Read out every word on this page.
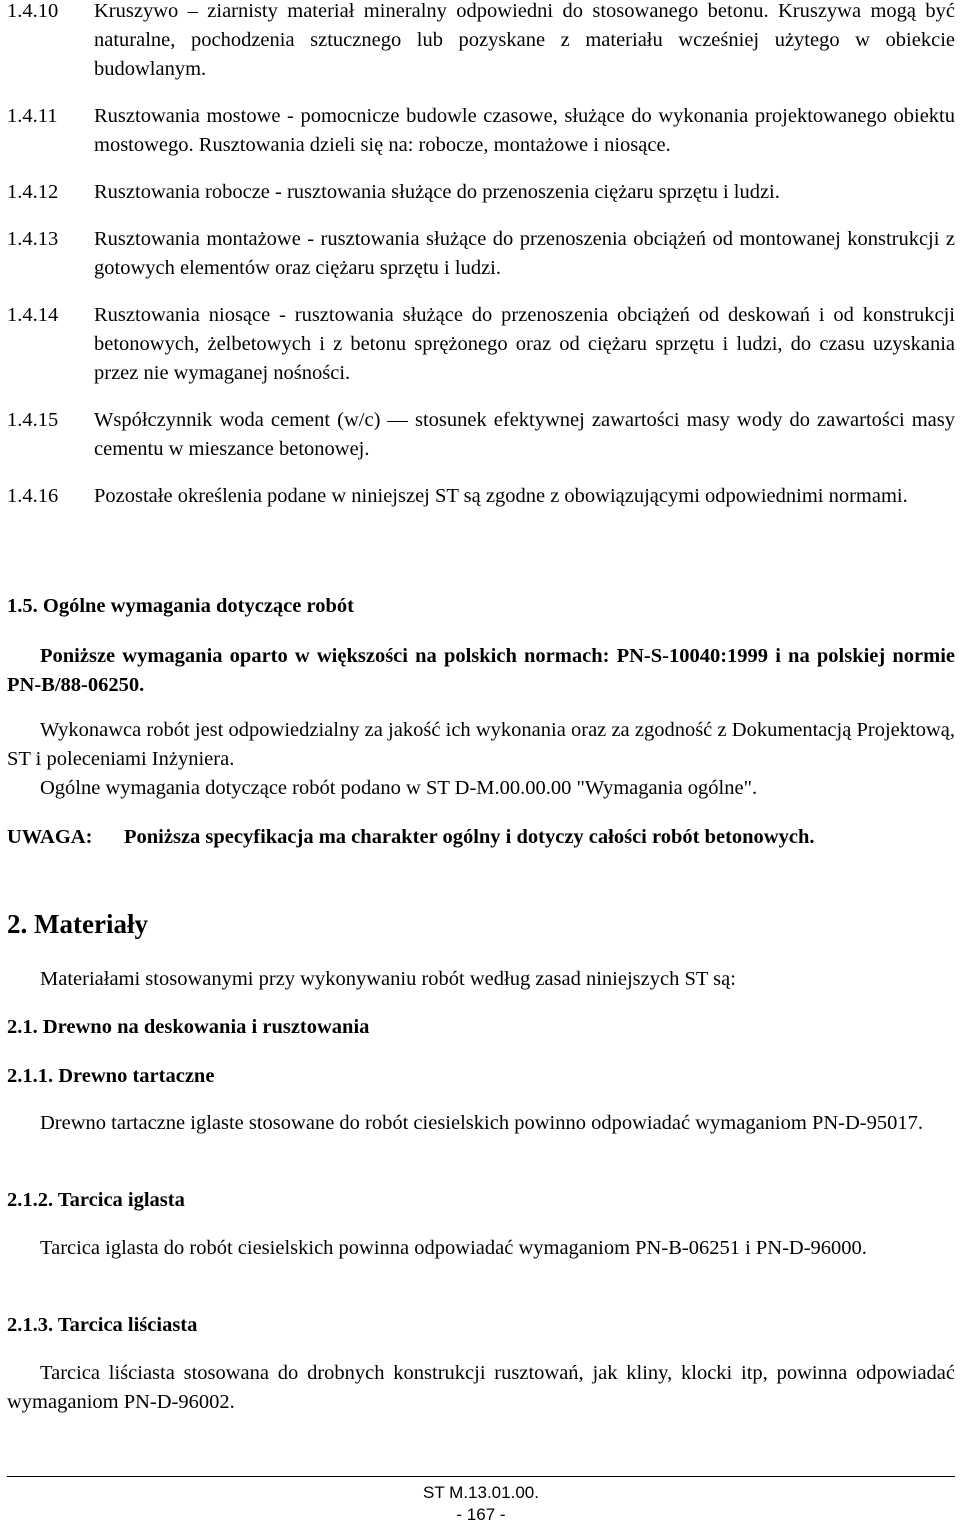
1.4.10	Kruszywo – ziarnisty materiał mineralny odpowiedni do stosowanego betonu. Kruszywa mogą być naturalne, pochodzenia sztucznego lub pozyskane z materiału wcześniej użytego w obiekcie budowlanym.
1.4.11	Rusztowania mostowe - pomocnicze budowle czasowe, służące do wykonania projektowanego obiektu mostowego. Rusztowania dzieli się na: robocze, montażowe i niosące.
1.4.12	Rusztowania robocze - rusztowania służące do przenoszenia ciężaru sprzętu i ludzi.
1.4.13	Rusztowania montażowe - rusztowania służące do przenoszenia obciążeń od montowanej konstrukcji z gotowych elementów oraz ciężaru sprzętu i ludzi.
1.4.14	Rusztowania niosące - rusztowania służące do przenoszenia obciążeń od deskowań i od konstrukcji betonowych, żelbetowych i z betonu sprężonego oraz od ciężaru sprzętu i ludzi, do czasu uzyskania przez nie wymaganej nośności.
1.4.15	Współczynnik woda cement (w/c) — stosunek efektywnej zawartości masy wody do zawartości masy cementu w mieszance betonowej.
1.4.16	Pozostałe określenia podane w niniejszej ST są zgodne z obowiązującymi odpowiednimi normami.
1.5. Ogólne wymagania dotyczące robót
Poniższe wymagania oparto w większości na polskich normach: PN-S-10040:1999 i na polskiej normie PN-B/88-06250.
Wykonawca robót jest odpowiedzialny za jakość ich wykonania oraz za zgodność z Dokumentacją Projektową, ST i poleceniami Inżyniera.
Ogólne wymagania dotyczące robót podano w ST D-M.00.00.00 "Wymagania ogólne".
UWAGA:	Poniższa specyfikacja ma charakter ogólny i dotyczy całości robót betonowych.
2. Materiały
Materiałami stosowanymi przy wykonywaniu robót według zasad niniejszych ST są:
2.1. Drewno na deskowania i rusztowania
2.1.1. Drewno tartaczne
Drewno tartaczne iglaste stosowane do robót ciesielskich powinno odpowiadać wymaganiom PN-D-95017.
2.1.2. Tarcica iglasta
Tarcica iglasta do robót ciesielskich powinna odpowiadać wymaganiom PN-B-06251 i PN-D-96000.
2.1.3. Tarcica liściasta
Tarcica liściasta stosowana do drobnych konstrukcji rusztowań, jak kliny, klocki itp, powinna odpowiadać wymaganiom PN-D-96002.
ST M.13.01.00.
- 167 -
